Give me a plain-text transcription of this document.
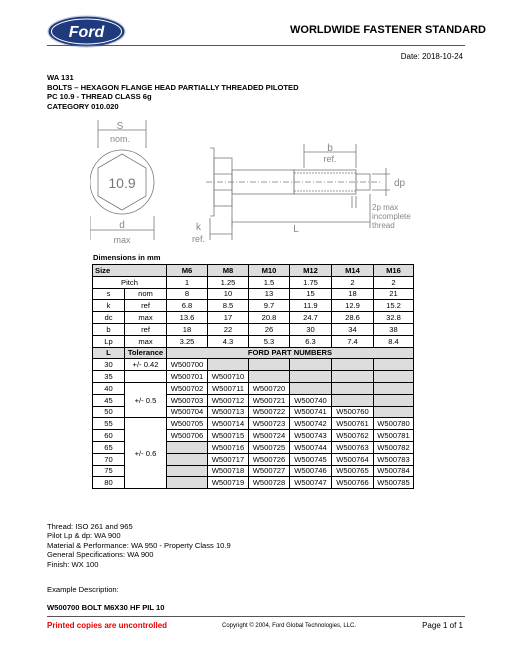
Ford	WORLDWIDE FASTENER STANDARD
Date: 2018-10-24
WA 131
BOLTS – HEXAGON FLANGE HEAD PARTIALLY THREADED PILOTED
PC 10.9 - THREAD CLASS 6g
CATEGORY 010.020
10.9
S
nom.
d
max
b
ref.
dp
L
k
ref.
2p max
incomplete
thread
Dimensions in mm
Size		M6	M8	M10	M12	M14	M16
Pitch		1	1.25	1.5	1.75	2	2
s	nom	8	10	13	15	18	21
k	ref	6.8	8.5	9.7	11.9	12.9	15.2
dc	max	13.6	17	20.8	24.7	28.6	32.8
b	ref	18	22	26	30	34	38
Lp	max	3.25	4.3	5.3	6.3	7.4	8.4
L	Tolerance	FORD PART NUMBERS					
30	+/- 0.42	W500700					
35		W500701	W500710				
40	+/- 0.5	W500702	W500711	W500720			
45		W500703	W500712	W500721	W500740		
50		W500704	W500713	W500722	W500741	W500760	
55	+/- 0.6	W500705	W500714	W500723	W500742	W500761	W500780
60		W500706	W500715	W500724	W500743	W500762	W500781
65			W500716	W500725	W500744	W500763	W500782
70			W500717	W500726	W500745	W500764	W500783
75			W500718	W500727	W500746	W500765	W500784
80			W500719	W500728	W500747	W500766	W500785
Thread: ISO 261 and 965
Pilot Lp & dp: WA 900
Material & Performance: WA 950 - Property Class 10.9
General Specifications: WA 900
Finish: WX 100
Example Description:
W500700 BOLT M6X30 HF PIL 10
Printed copies are uncontrolled	Copyright © 2004, Ford Global Technologies, LLC.	Page 1 of 1
